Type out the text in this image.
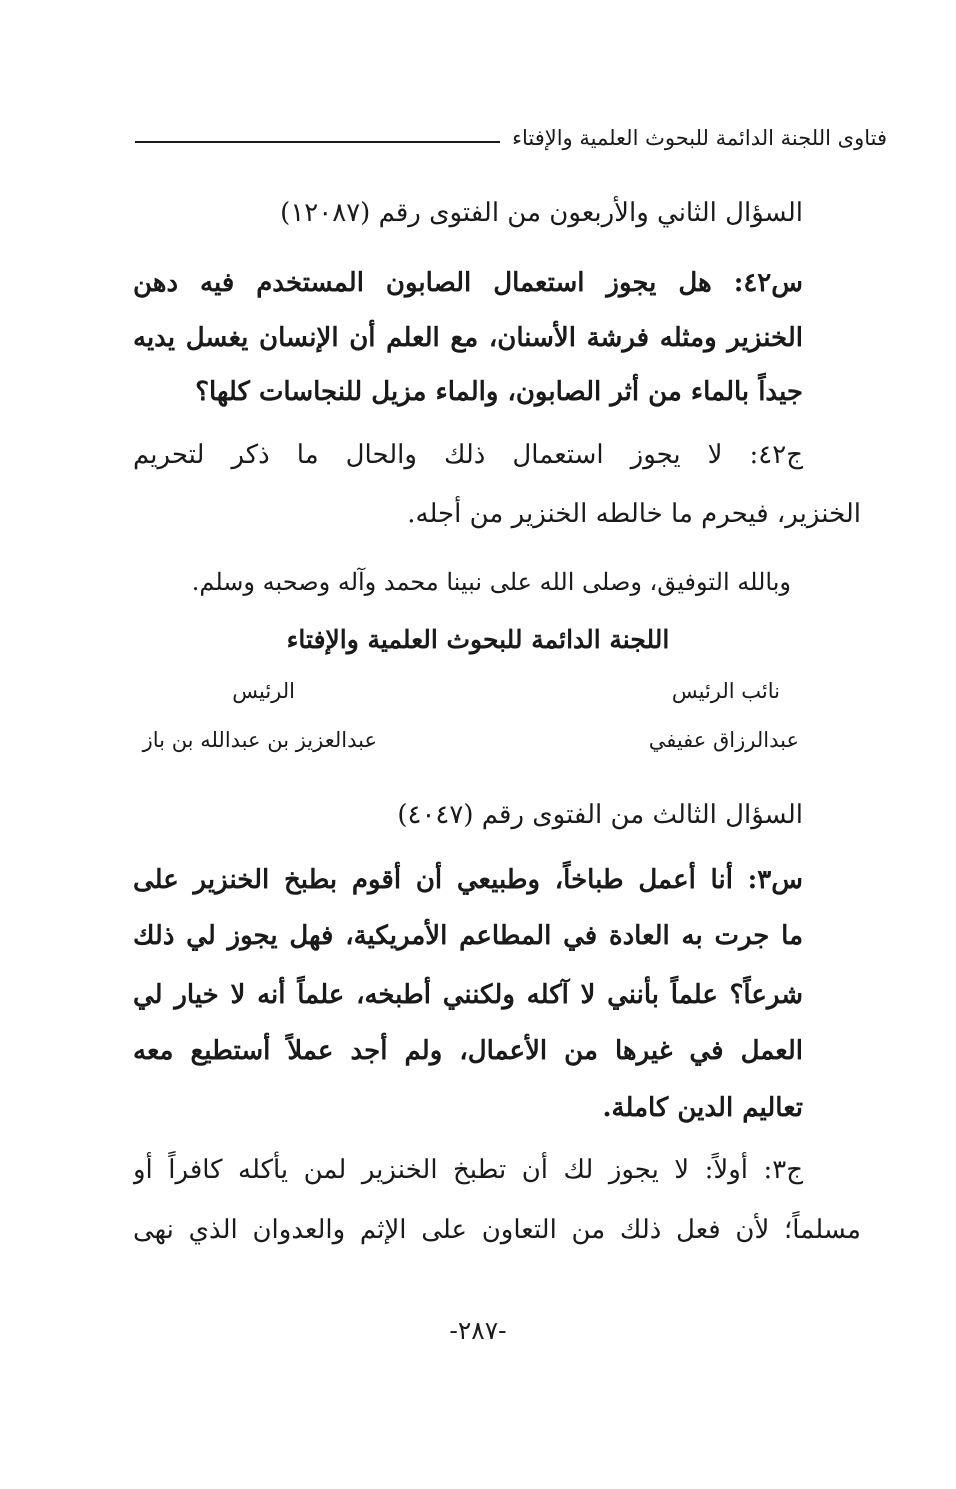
فتاوى اللجنة الدائمة للبحوث العلمية والإفتاء
السؤال الثاني والأربعون من الفتوى رقم (١٢٠٨٧)
س٤٢: هل يجوز استعمال الصابون المستخدم فيه دهن
الخنزير ومثله فرشة الأسنان، مع العلم أن الإنسان يغسل يديه
جيداً بالماء من أثر الصابون، والماء مزيل للنجاسات كلها؟
ج٤٢: لا يجوز استعمال ذلك والحال ما ذكر لتحريم
الخنزير، فيحرم ما خالطه الخنزير من أجله.
وبالله التوفيق، وصلى الله على نبينا محمد وآله وصحبه وسلم.
اللجنة الدائمة للبحوث العلمية والإفتاء
نائب الرئيس
الرئيس
عبدالرزاق عفيفي
عبدالعزيز بن عبدالله بن باز
السؤال الثالث من الفتوى رقم (٤٠٤٧)
س٣: أنا أعمل طباخاً، وطبيعي أن أقوم بطبخ الخنزير على
ما جرت به العادة في المطاعم الأمريكية، فهل يجوز لي ذلك
شرعاً؟ علماً بأنني لا آكله ولكنني أطبخه، علماً أنه لا خيار لي
العمل في غيرها من الأعمال، ولم أجد عملاً أستطيع معه
تعاليم الدين كاملة.
ج٣: أولاً: لا يجوز لك أن تطبخ الخنزير لمن يأكله كافراً أو
مسلماً؛ لأن فعل ذلك من التعاون على الإثم والعدوان الذي نهى
-٢٨٧-
